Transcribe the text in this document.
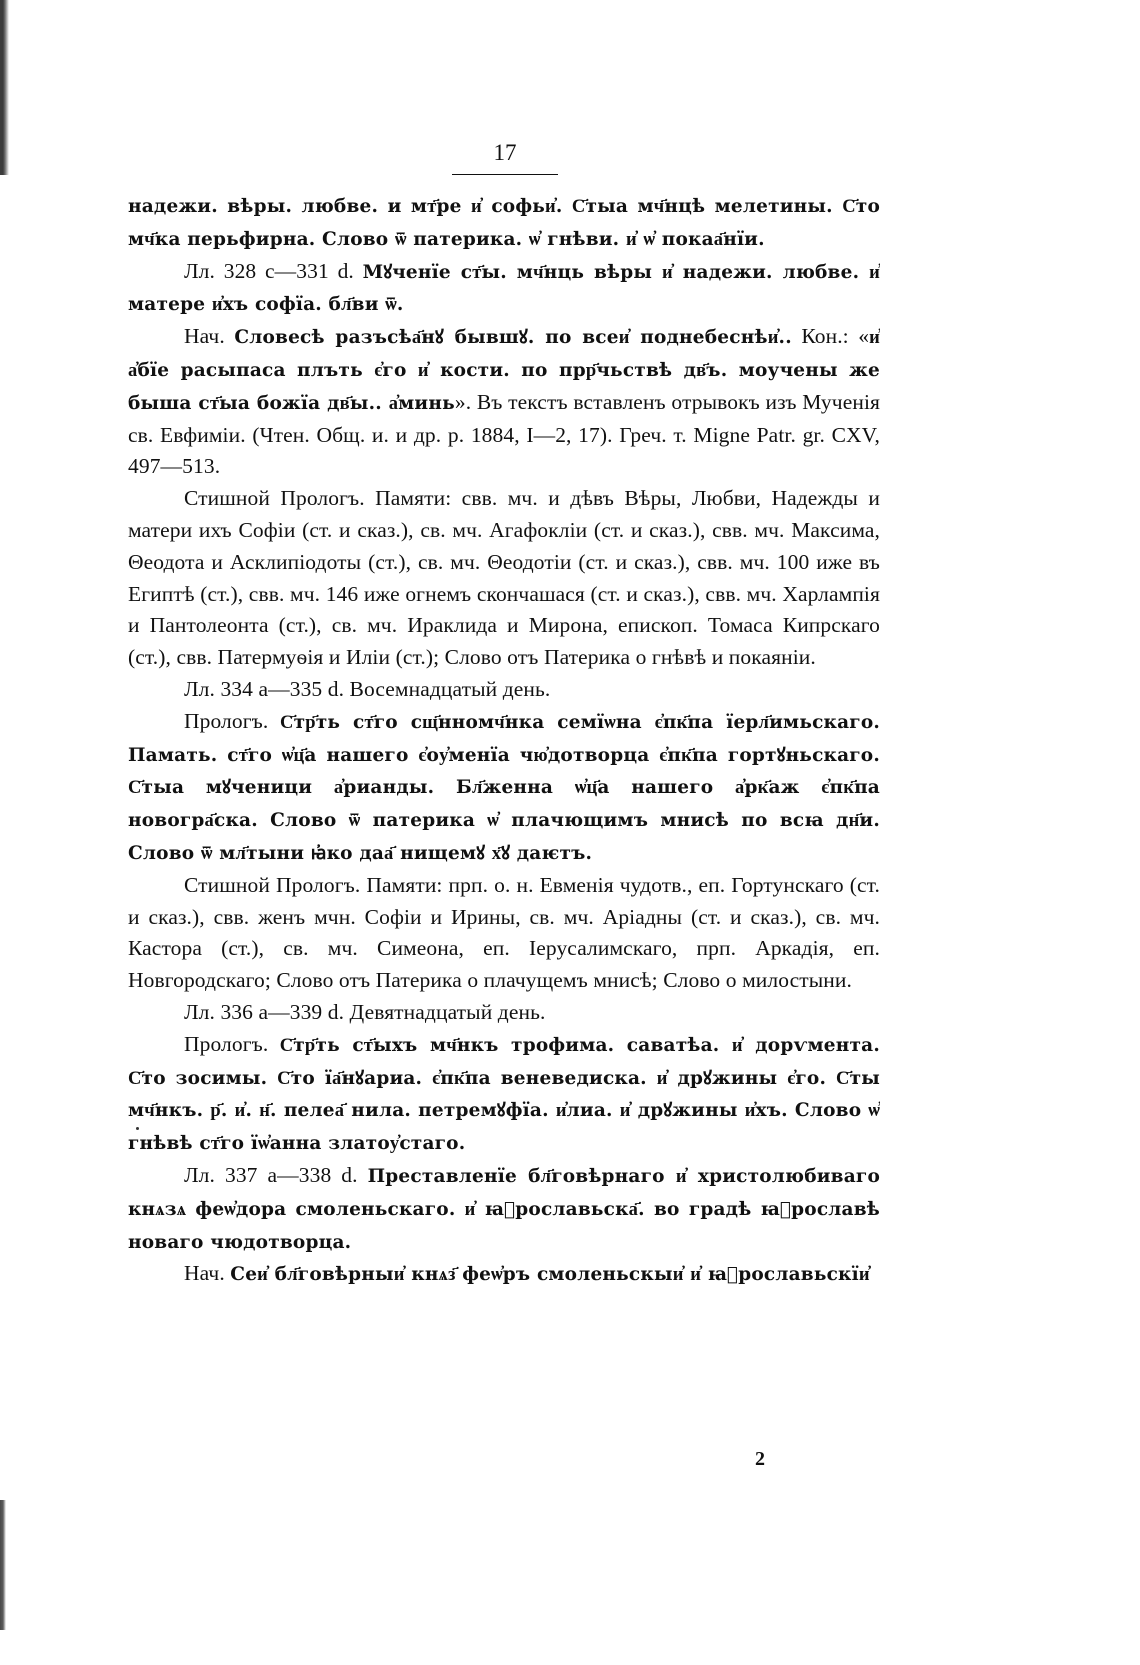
17

надежи. вѣры. любве. и мт҃ре и҆ софьи҆. С҃тыа мч҃нцѣ мелетины. С҃то мч҃ка перьфирна. Слово ѿ патерика. ѡ҆ гнѣви. и҆ ѡ҆ покаа҃нїи.

Лл. 328 с—331 d. Мꙋченїе ст҃ы. мч҃нць вѣры и҆ надежи. любве. и҆ матере и҆хъ софїа. бл҃ви ѿ.

Нач. Словесѣ разъсѣа҃нꙋ бывшꙋ. по всеи҆ поднебеснѣи҆.. Кон.: «и҆ а҆бїе расыпаса плъть є҆го и҆ кости. по прр҃чьствѣ дв҃ъ. моучены же быша ст҃ыа божїа дв҃ы.. а҆минь». Въ текстъ вставленъ отрывокъ изъ Мученія св. Евфиміи. (Чтен. Общ. и. и др. р. 1884, I—2, 17). Греч. т. Migne Patr. gr. CXV, 497—513.

Стишной Прологъ. Памяти: свв. мч. и дѣвъ Вѣры, Любви, Надежды и матери ихъ Софіи (ст. и сказ.), св. мч. Агафокліи (ст. и сказ.), свв. мч. Максима, Θеодота и Асклипіодоты (ст.), св. мч. Θеодотіи (ст. и сказ.), свв. мч. 100 иже въ Египтѣ (ст.), свв. мч. 146 иже огнемъ скончашася (ст. и сказ.), свв. мч. Харлампія и Пантолеонта (ст.), св. мч. Ираклида и Мирона, епископ. Томаса Кипрскаго (ст.), свв. Патермуѳія и Иліи (ст.); Слово отъ Патерика о гнѣвѣ и покаяніи.

Лл. 334 а—335 d. Восемнадцатый день.

Прологъ. С҃тр҃ть ст҃го сщ҃нномч҃нка семїѡна є҆пк҃па їерл҃имьскаго. Памать. ст҃го ѡ҆ц҃а нашего є҆оу҆менїа чю҆дотворца є҆пк҃па гортꙋньскаго. С҃тыа мꙋченици а҆рианды. Бл҃женна ѡ҆ц҃а нашего а҆рк҃аж є҆пк҃па новогра҃ска. Слово ѿ патерика ѡ҆ плачющимъ мнисѣ по всꙗ дн҃и. Слово ѿ мл҃тыни ꙗ҆ко даа҃ нищемꙋ х҃ꙋ даѥтъ.

Стишной Прологъ. Памяти: прп. о. н. Евменія чудотв., еп. Гортунскаго (ст. и сказ.), свв. женъ мчн. Софіи и Ирины, св. мч. Аріадны (ст. и сказ.), св. мч. Кастора (ст.), св. мч. Симеона, еп. Іерусалимскаго, прп. Аркадія, еп. Новгородскаго; Слово отъ Патерика о плачущемъ мнисѣ; Слово о милостыни.

Лл. 336 а—339 d. Девятнадцатый день.

Прологъ. С҃тр҃ть ст҃ыхъ мч҃нкъ трофима. саватѣа. и҆ дорѵмента. С҃то зосимы. С҃то їа҃нꙋариа. є҆пк҃па веневедиска. и҆ дрꙋжины є҆го. С҃ты мч҃нкъ. р҃. и҆. н҃. пелеа҃ нила. петремꙋфїа. и҆лиа. и҆ дрꙋжины и҆хъ. Слово ѡ҆ гнѣвѣ ст҃го їѡ҆анна златоу҆стаго.

Лл. 337 а—338 d. Преставленїе бл҃говѣрнаго и҆ христолюбиваго кнѧзѧ феѡ҆дора смоленьскаго. и҆ ꙗ҆рославьска҃. во градѣ ꙗ҆рославѣ новаго чюдотворца.

Нач. Сеи҆ бл҃говѣрныи҆ кнѧз҃ феѡ҆ръ смоленьскыи҆ и҆ ꙗ҆рославьскїи҆

2
